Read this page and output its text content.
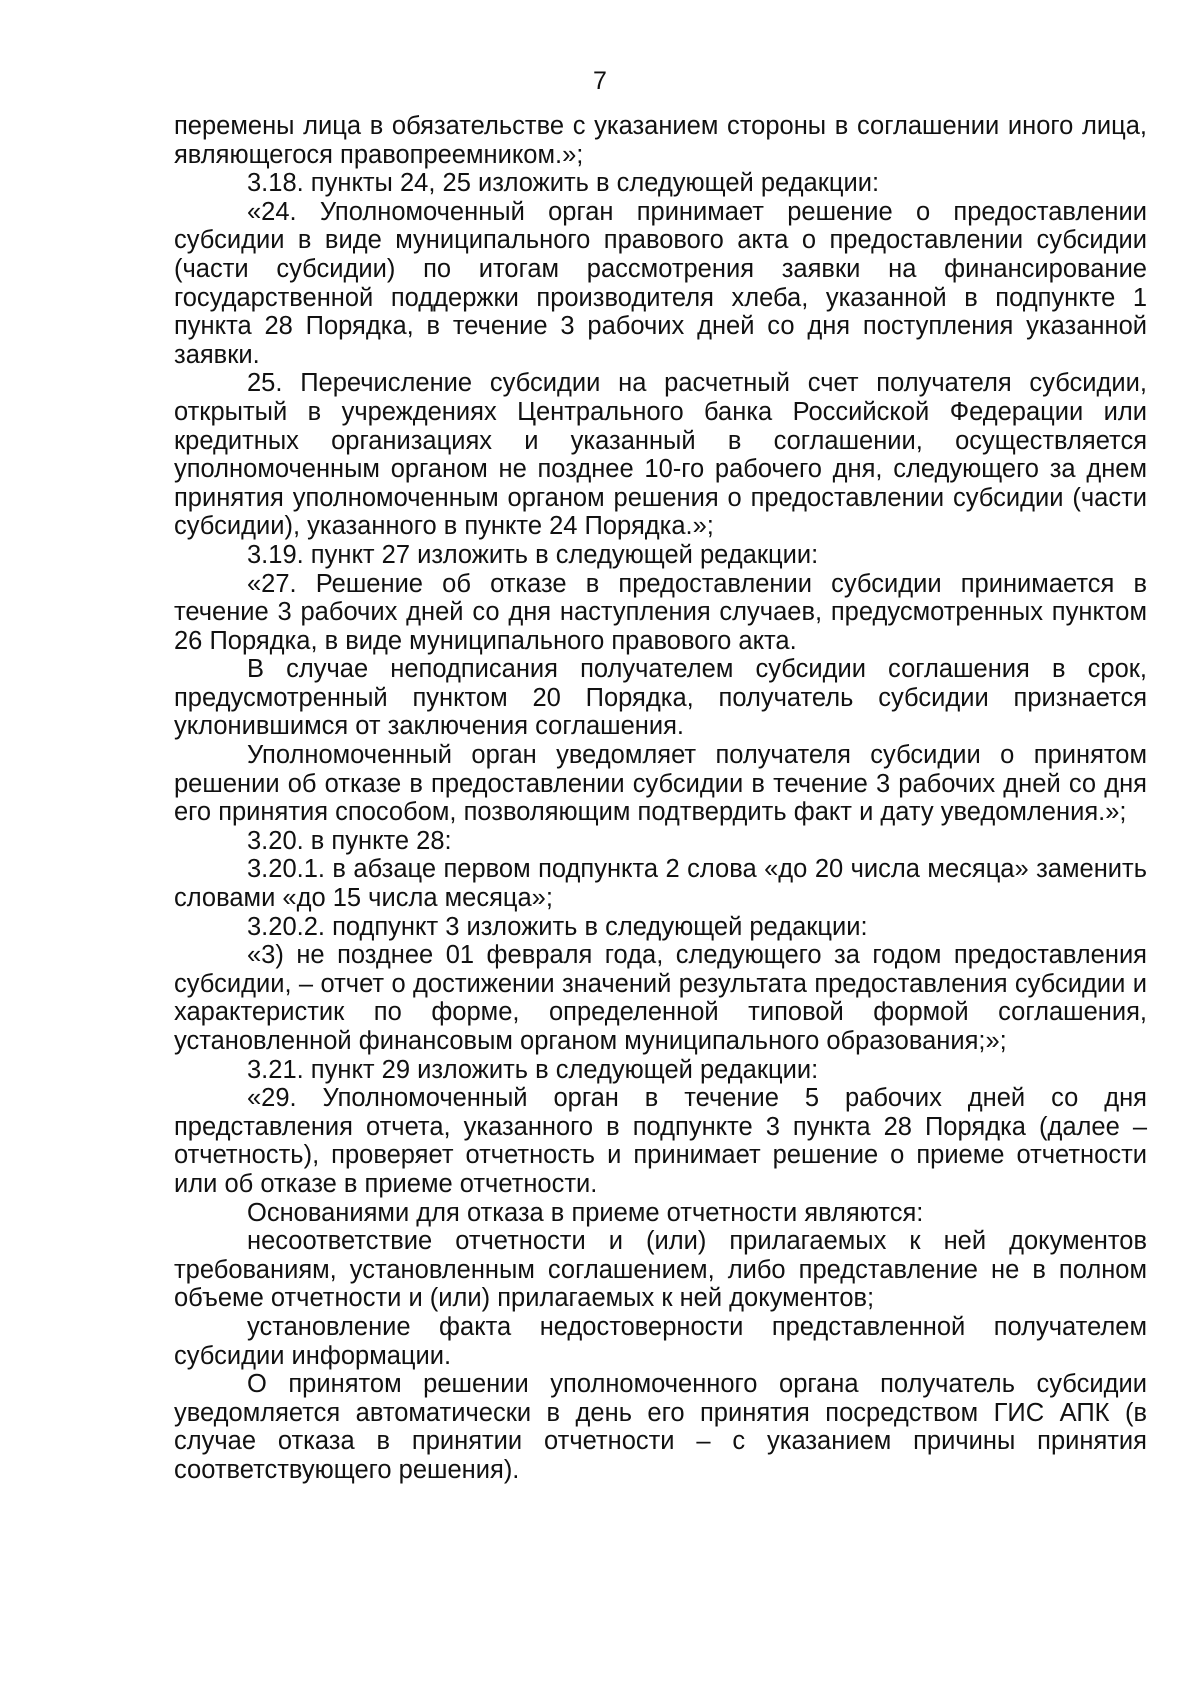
7

перемены лица в обязательстве с указанием стороны в соглашении иного лица, являющегося правопреемником.»;

3.18. пункты 24, 25 изложить в следующей редакции:

«24. Уполномоченный орган принимает решение о предоставлении субсидии в виде муниципального правового акта о предоставлении субсидии (части субсидии) по итогам рассмотрения заявки на финансирование государственной поддержки производителя хлеба, указанной в подпункте 1 пункта 28 Порядка, в течение 3 рабочих дней со дня поступления указанной заявки.

25. Перечисление субсидии на расчетный счет получателя субсидии, открытый в учреждениях Центрального банка Российской Федерации или кредитных организациях и указанный в соглашении, осуществляется уполномоченным органом не позднее 10-го рабочего дня, следующего за днем принятия уполномоченным органом решения о предоставлении субсидии (части субсидии), указанного в пункте 24 Порядка.»;

3.19. пункт 27 изложить в следующей редакции:

«27. Решение об отказе в предоставлении субсидии принимается в течение 3 рабочих дней со дня наступления случаев, предусмотренных пунктом 26 Порядка, в виде муниципального правового акта.

В случае неподписания получателем субсидии соглашения в срок, предусмотренный пунктом 20 Порядка, получатель субсидии признается уклонившимся от заключения соглашения.

Уполномоченный орган уведомляет получателя субсидии о принятом решении об отказе в предоставлении субсидии в течение 3 рабочих дней со дня его принятия способом, позволяющим подтвердить факт и дату уведомления.»;

3.20. в пункте 28:

3.20.1. в абзаце первом подпункта 2 слова «до 20 числа месяца» заменить словами «до 15 числа месяца»;

3.20.2. подпункт 3 изложить в следующей редакции:

«3) не позднее 01 февраля года, следующего за годом предоставления субсидии, – отчет о достижении значений результата предоставления субсидии и характеристик по форме, определенной типовой формой соглашения, установленной финансовым органом муниципального образования;»;

3.21. пункт 29 изложить в следующей редакции:

«29. Уполномоченный орган в течение 5 рабочих дней со дня представления отчета, указанного в подпункте 3 пункта 28 Порядка (далее – отчетность), проверяет отчетность и принимает решение о приеме отчетности или об отказе в приеме отчетности.

Основаниями для отказа в приеме отчетности являются:

несоответствие отчетности и (или) прилагаемых к ней документов требованиям, установленным соглашением, либо представление не в полном объеме отчетности и (или) прилагаемых к ней документов;

установление факта недостоверности представленной получателем субсидии информации.

О принятом решении уполномоченного органа получатель субсидии уведомляется автоматически в день его принятия посредством ГИС АПК (в случае отказа в принятии отчетности – с указанием причины принятия соответствующего решения).
